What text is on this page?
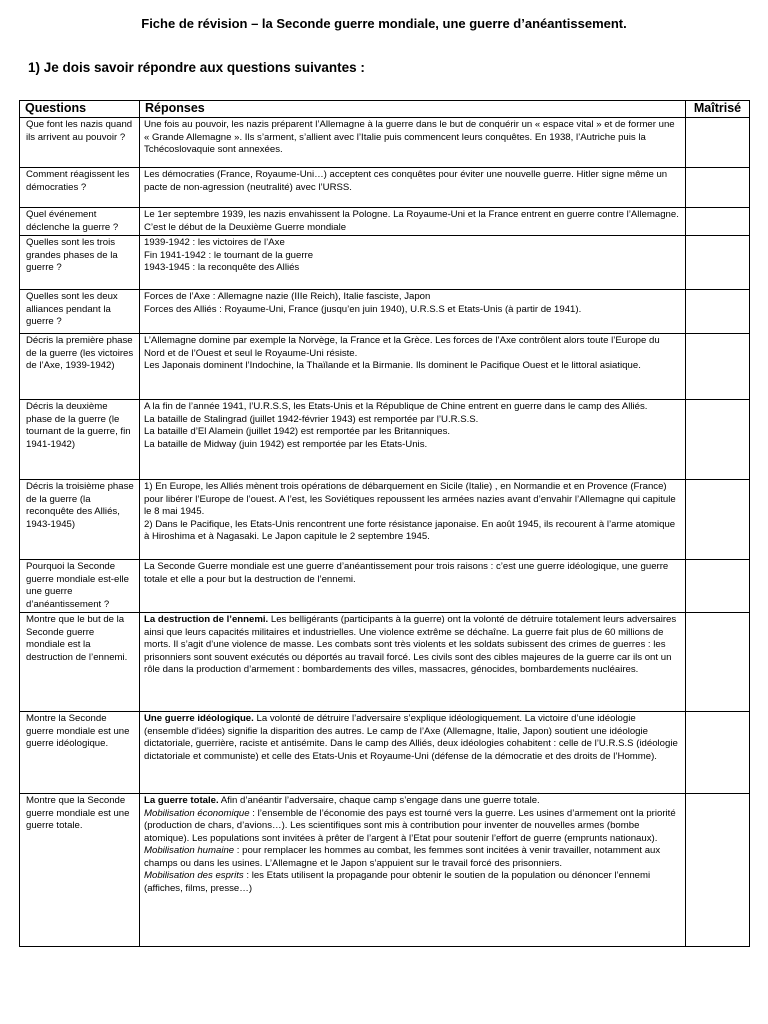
Fiche de révision – la Seconde guerre mondiale, une guerre d’anéantissement.
1) Je dois savoir répondre aux questions suivantes :
Questions	Réponses	Maîtrisé
Que font les nazis quand ils arrivent au pouvoir ?	Une fois au pouvoir, les nazis préparent l’Allemagne à la guerre dans le but de conquérir un « espace vital » et de former une « Grande Allemagne ». Ils s’arment, s’allient avec l’Italie puis commencent leurs conquêtes. En 1938, l’Autriche puis la Tchécoslovaquie sont annexées.	

Comment réagissent les démocraties ?	Les démocraties (France, Royaume-Uni…) acceptent ces conquêtes pour éviter une nouvelle guerre. Hitler signe même un pacte de non-agression (neutralité) avec l’URSS.	

Quel événement déclenche la guerre ?	Le 1er septembre 1939, les nazis envahissent la Pologne. La Royaume-Uni et la France entrent en guerre contre l’Allemagne. C’est le début de la Deuxième Guerre mondiale	

Quelles sont les trois grandes phases de la guerre ?	1939-1942 : les victoires de l’Axe

Fin 1941-1942 : le tournant de la guerre

1943-1945 : la reconquête des Alliés	

Quelles sont les deux alliances pendant la guerre ?	Forces de l’Axe : Allemagne nazie (IIIe Reich), Italie fasciste, Japon

Forces des Alliés : Royaume-Uni, France (jusqu’en juin 1940), U.R.S.S et Etats-Unis (à partir de 1941).	

Décris la première phase de la guerre (les victoires de l’Axe, 1939-1942)	L’Allemagne domine par exemple la Norvège, la France et la Grèce. Les forces de l’Axe contrôlent alors toute l’Europe du Nord et de l’Ouest et seul le Royaume-Uni résiste.

Les Japonais dominent l’Indochine, la Thaïlande et la Birmanie. Ils dominent le Pacifique Ouest et le littoral asiatique.	

Décris la deuxième phase de la guerre (le tournant de la guerre, fin 1941-1942)	A la fin de l’année 1941, l’U.R.S.S, les Etats-Unis et la République de Chine entrent en guerre dans le camp des Alliés.

La bataille de Stalingrad (juillet 1942-février 1943) est remportée par l’U.R.S.S.

La bataille d’El Alamein (juillet 1942) est remportée par les Britanniques.

La bataille de Midway (juin 1942) est remportée par les Etats-Unis.	

Décris la troisième phase de la guerre (la reconquête des Alliés, 1943-1945)	1) En Europe, les Alliés mènent trois opérations de débarquement en Sicile (Italie) , en Normandie et en Provence (France) pour libérer l’Europe de l’ouest. A l’est, les Soviétiques repoussent les armées nazies avant d’envahir l’Allemagne qui capitule le 8 mai 1945.

2) Dans le Pacifique, les Etats-Unis rencontrent une forte résistance japonaise. En août 1945, ils recourent à l’arme atomique à Hiroshima et à Nagasaki. Le Japon capitule le 2 septembre 1945.	

Pourquoi la Seconde guerre mondiale est-elle une guerre d’anéantissement ?	La Seconde Guerre mondiale est une guerre d’anéantissement pour trois raisons : c’est une guerre idéologique, une guerre totale et elle a pour but la destruction de l’ennemi.	

Montre que le but de la Seconde guerre mondiale est la destruction de l’ennemi.	La destruction de l’ennemi. Les belligérants (participants à la guerre) ont la volonté de détruire totalement leurs adversaires ainsi que leurs capacités militaires et industrielles. Une violence extrême se déchaîne. La guerre fait plus de 60 millions de morts. Il s’agit d’une violence de masse. Les combats sont très violents et les soldats subissent des crimes de guerres : les prisonniers sont souvent exécutés ou déportés au travail forcé. Les civils sont des cibles majeures de la guerre car ils ont un rôle dans la production d’armement : bombardements des villes, massacres, génocides, bombardements nucléaires.	

Montre la Seconde guerre mondiale est une guerre idéologique.	Une guerre idéologique. La volonté de détruire l’adversaire s’explique idéologiquement. La victoire d’une idéologie (ensemble d’idées) signifie la disparition des autres. Le camp de l’Axe (Allemagne, Italie, Japon) soutient une idéologie dictatoriale, guerrière, raciste et antisémite. Dans le camp des Alliés, deux idéologies cohabitent : celle de l’U.R.S.S (idéologie dictatoriale et communiste) et celle des Etats-Unis et Royaume-Uni (défense de la démocratie et des droits de l’Homme).	

Montre que la Seconde guerre mondiale est une guerre totale.	La guerre totale. Afin d’anéantir l’adversaire, chaque camp s’engage dans une guerre totale.

Mobilisation économique : l’ensemble de l’économie des pays est tourné vers la guerre. Les usines d’armement ont la priorité (production de chars, d’avions…). Les scientifiques sont mis à contribution pour inventer de nouvelles armes (bombe atomique). Les populations sont invitées à prêter de l’argent à l’Etat pour soutenir l’effort de guerre (emprunts nationaux).

Mobilisation humaine : pour remplacer les hommes au combat, les femmes sont incitées à venir travailler, notamment aux champs ou dans les usines. L’Allemagne et le Japon s’appuient sur le travail forcé des prisonniers.

Mobilisation des esprits : les Etats utilisent la propagande pour obtenir le soutien de la population ou dénoncer l’ennemi (affiches, films, presse…)	
